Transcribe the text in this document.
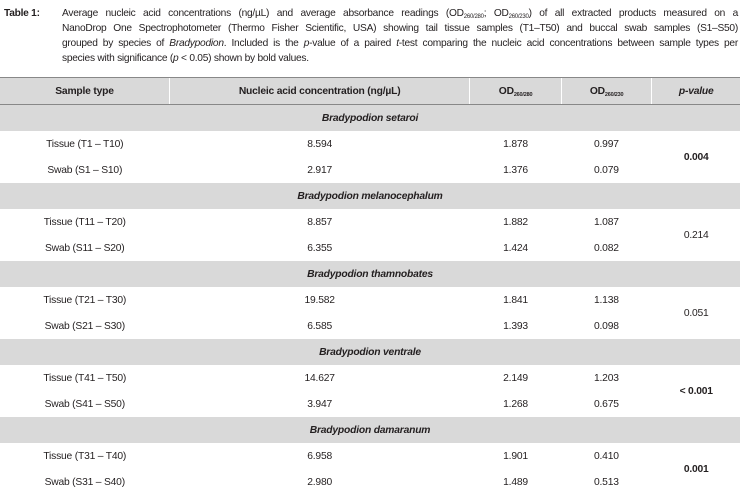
Table 1: Average nucleic acid concentrations (ng/µL) and average absorbance readings ($OD_{260/280}$; $OD_{260/230}$) of all extracted products measured on a
NanoDrop One Spectrophotometer (Thermo Fisher Scientific, USA) showing tail tissue samples (T1–T50) and buccal swab samples (S1–S50)
grouped by species of Bradypodion. Included is the p-value of a paired t-test comparing the nucleic acid concentrations between sample types per
species with significance (p < 0.05) shown by bold values.
Sample type	Nucleic acid concentration (ng/µL)	OD260/280	OD260/230	p-value
Bradypodion setaroi				
Tissue (T1 – T10)	8.594	1.878	0.997	0.004
Swab (S1 – S10)	2.917	1.376	0.079	
Bradypodion melanocephalum				
Tissue (T11 – T20)	8.857	1.882	1.087	0.214
Swab (S11 – S20)	6.355	1.424	0.082	
Bradypodion thamnobates				
Tissue (T21 – T30)	19.582	1.841	1.138	0.051
Swab (S21 – S30)	6.585	1.393	0.098	
Bradypodion ventrale				
Tissue (T41 – T50)	14.627	2.149	1.203	< 0.001
Swab (S41 – S50)	3.947	1.268	0.675	
Bradypodion damaranum				
Tissue (T31 – T40)	6.958	1.901	0.410	0.001
Swab (S31 – S40)	2.980	1.489	0.513	
